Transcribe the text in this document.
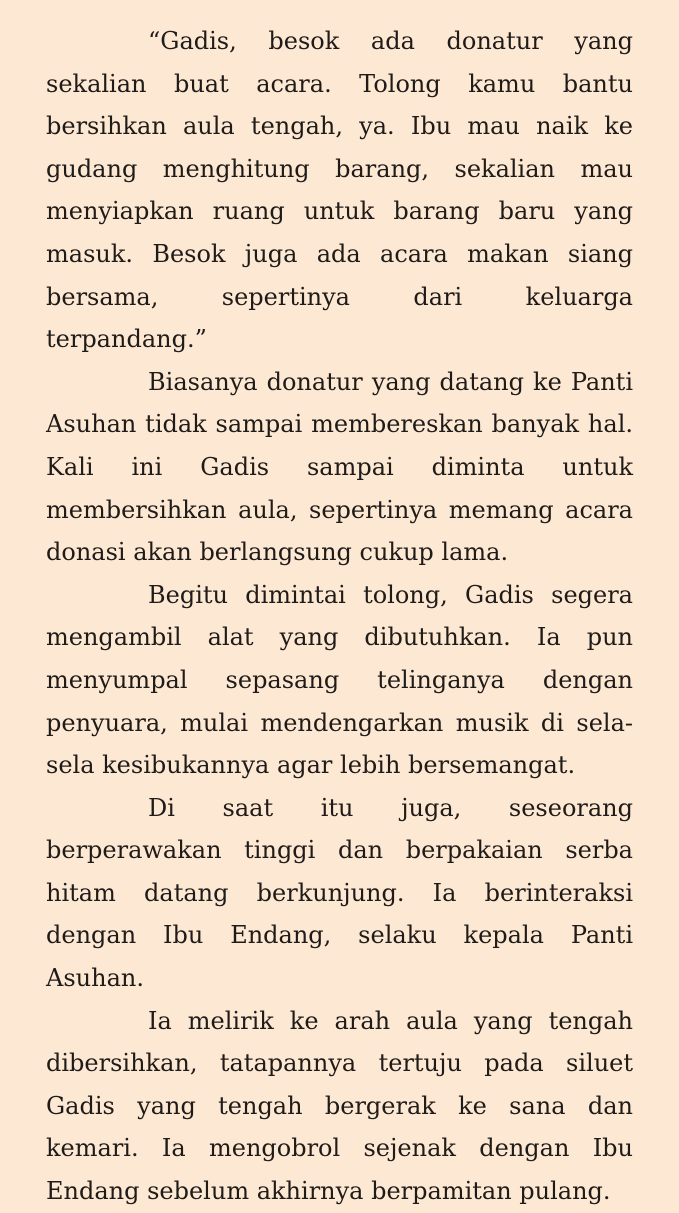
“Gadis, besok ada donatur yang sekalian buat acara. Tolong kamu bantu bersihkan aula tengah, ya. Ibu mau naik ke gudang menghitung barang, sekalian mau menyiapkan ruang untuk barang baru yang masuk. Besok juga ada acara makan siang bersama, sepertinya dari keluarga terpandang.”

Biasanya donatur yang datang ke Panti Asuhan tidak sampai membereskan banyak hal. Kali ini Gadis sampai diminta untuk membersihkan aula, sepertinya memang acara donasi akan berlangsung cukup lama.

Begitu dimintai tolong, Gadis segera mengambil alat yang dibutuhkan. Ia pun menyumpal sepasang telinganya dengan penyuara, mulai mendengarkan musik di sela-sela kesibukannya agar lebih bersemangat.

Di saat itu juga, seseorang berperawakan tinggi dan berpakaian serba hitam datang berkunjung. Ia berinteraksi dengan Ibu Endang, selaku kepala Panti Asuhan.

Ia melirik ke arah aula yang tengah dibersihkan, tatapannya tertuju pada siluet Gadis yang tengah bergerak ke sana dan kemari. Ia mengobrol sejenak dengan Ibu Endang sebelum akhirnya berpamitan pulang.
